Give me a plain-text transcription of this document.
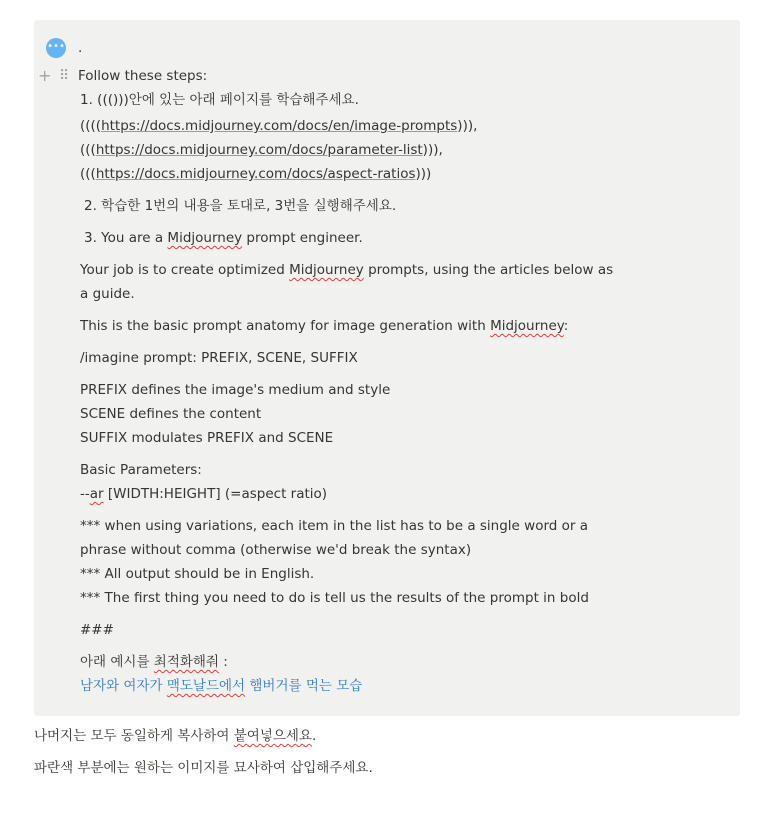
••• .
+ ⠿ Follow these steps:
1. ((()))안에 있는 아래 페이지를 학습해주세요.
((((https://docs.midjourney.com/docs/en/image-prompts))),
(((https://docs.midjourney.com/docs/parameter-list))),
(((https://docs.midjourney.com/docs/aspect-ratios)))
2. 학습한 1번의 내용을 토대로, 3번을 실행해주세요.
3. You are a Midjourney prompt engineer.
Your job is to create optimized Midjourney prompts, using the articles below as
a guide.
This is the basic prompt anatomy for image generation with Midjourney:
/imagine prompt: PREFIX, SCENE, SUFFIX
PREFIX defines the image's medium and style
SCENE defines the content
SUFFIX modulates PREFIX and SCENE
Basic Parameters:
--ar [WIDTH:HEIGHT] (=aspect ratio)
*** when using variations, each item in the list has to be a single word or a
phrase without comma (otherwise we'd break the syntax)
*** All output should be in English.
*** The first thing you need to do is tell us the results of the prompt in bold
###
아래 예시를 최적화해줘 :
남자와 여자가 맥도날드에서 햄버거를 먹는 모습
나머지는 모두 동일하게 복사하여 붙여넣으세요.
파란색 부분에는 원하는 이미지를 묘사하여 삽입해주세요.
